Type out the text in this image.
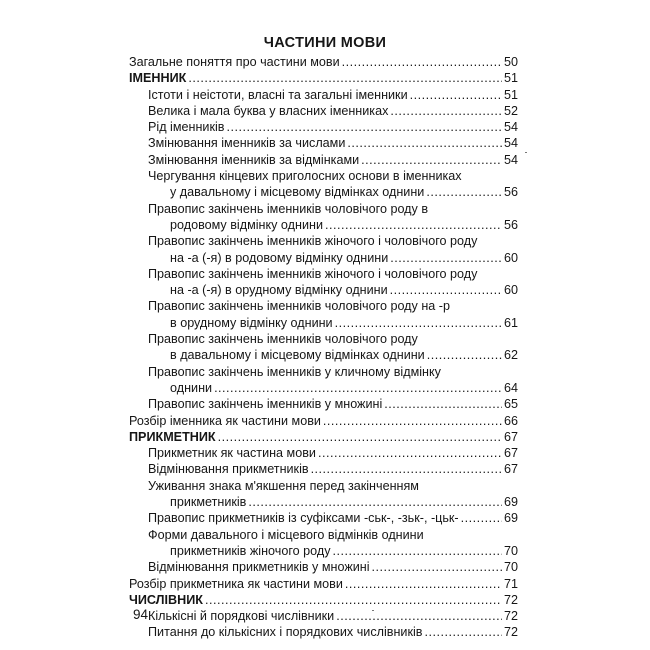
ЧАСТИНИ МОВИ
Загальне поняття про частини мови .....	50
ІМЕННИК .....	51
Істоти і неістоти, власні та загальні іменники .....	51
Велика і мала буква у власних іменниках .....	52
Рід іменників .....	54
Змінювання іменників за числами .....	54
Змінювання іменників за відмінками .....	54
Чергування кінцевих приголосних основи в іменниках
у давальному і місцевому відмінках однини .....	56
Правопис закінчень іменників чоловічого роду в
родовому відмінку однини .....	56
Правопис закінчень іменників жіночого і чоловічого роду
на -а (-я) в родовому відмінку однини .....	60
Правопис закінчень іменників жіночого і чоловічого роду
на -а (-я) в орудному відмінку однини .....	60
Правопис закінчень іменників чоловічого роду на -р
в орудному відмінку однини .....	61
Правопис закінчень іменників чоловічого роду
в давальному і місцевому відмінках однини .....	62
Правопис закінчень іменників у кличному відмінку
однини .....	64
Правопис закінчень іменників у множині .....	65
Розбір іменника як частини мови .....	66
ПРИКМЕТНИК .....	67
Прикметник як частина мови .....	67
Відмінювання прикметників .....	67
Уживання знака м'якшення перед закінченням
прикметників .....	69
Правопис прикметників із суфіксами -ськ-, -зьк-, -цьк- .....	69
Форми давального і місцевого відмінків однини
прикметників жіночого роду .....	70
Відмінювання прикметників у множині .....	70
Розбір прикметника як частини мови .....	71
ЧИСЛІВНИК .....	72
Кількісні й порядкові числівники .....	72
Питання до кількісних і порядкових числівників .....	72
94
